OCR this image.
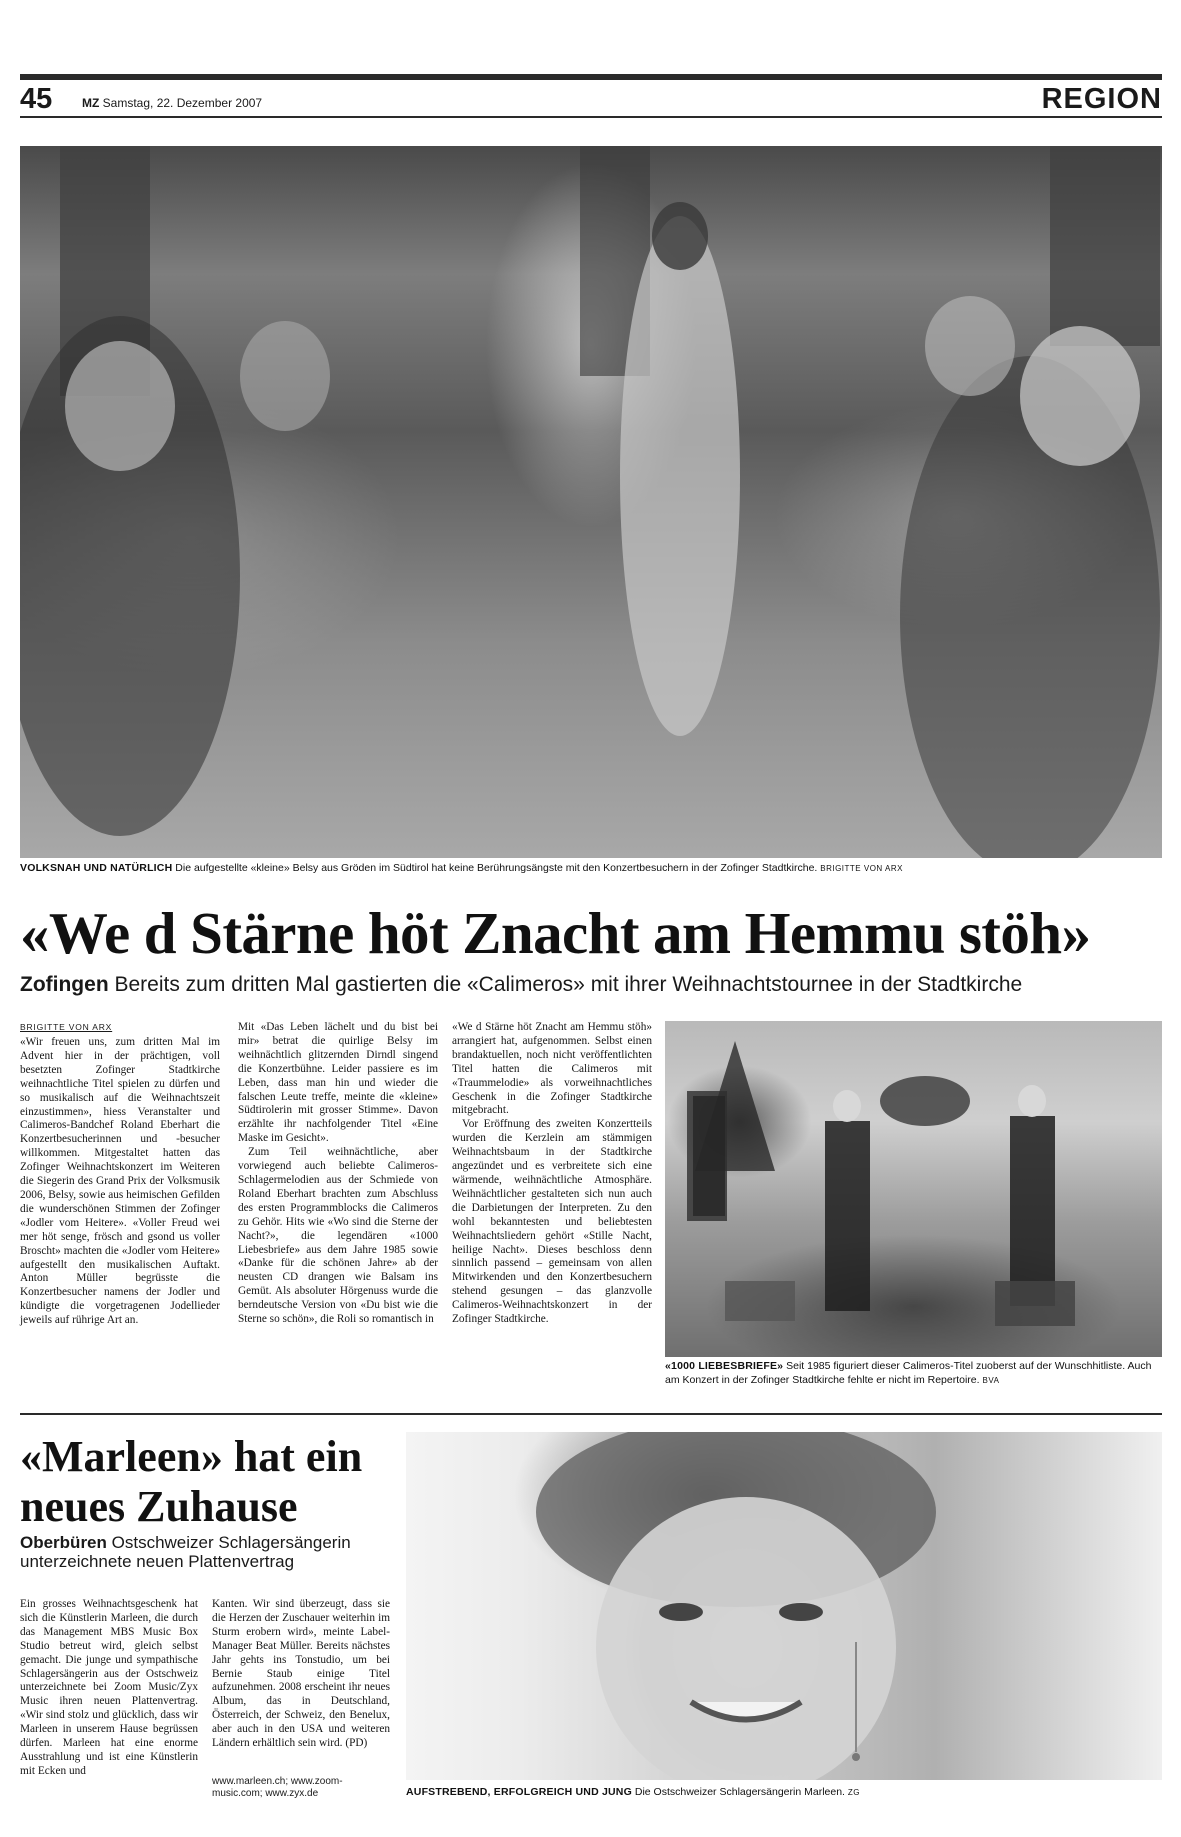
45 MZ Samstag, 22. Dezember 2007	REGION
VOLKSNAH UND NATÜRLICH Die aufgestellte «kleine» Belsy aus Gröden im Südtirol hat keine Berührungsängste mit den Konzertbesuchern in der Zofinger Stadtkirche. BRIGITTE VON ARX
«We d Stärne höt Znacht am Hemmu stöh»
Zofingen Bereits zum dritten Mal gastierten die «Calimeros» mit ihrer Weihnachtstournee in der Stadtkirche
BRIGITTE VON ARX

«Wir freuen uns, zum dritten Mal im Advent hier in der prächtigen, voll besetzten Zofinger Stadtkirche weihnachtliche Titel spielen zu dürfen und so musikalisch auf die Weihnachtszeit einzustimmen», hiess Veranstalter und Calimeros-Bandchef Roland Eberhart die Konzertbesucherinnen und -besucher willkommen. Mitgestaltet hatten das Zofinger Weihnachtskonzert im Weiteren die Siegerin des Grand Prix der Volksmusik 2006, Belsy, sowie aus heimischen Gefilden die wunderschönen Stimmen der Zofinger «Jodler vom Heitere». «Voller Freud wei mer höt senge, frösch and gsond us voller Broscht» machten die «Jodler vom Heitere» aufgestellt den musikalischen Auftakt. Anton Müller begrüsste die Konzertbesucher namens der Jodler und kündigte die vorgetragenen Jodellieder jeweils auf rührige Art an.

Mit «Das Leben lächelt und du bist bei mir» betrat die quirlige Belsy im weihnächtlich glitzernden Dirndl singend die Konzertbühne. Leider passiere es im Leben, dass man hin und wieder die falschen Leute treffe, meinte die «kleine» Südtirolerin mit grosser Stimme». Davon erzählte ihr nachfolgender Titel «Eine Maske im Gesicht».

Zum Teil weihnächtliche, aber vorwiegend auch beliebte Calimeros-Schlagermelodien aus der Schmiede von Roland Eberhart brachten zum Abschluss des ersten Programmblocks die Calimeros zu Gehör. Hits wie «Wo sind die Sterne der Nacht?», die legendären «1000 Liebesbriefe» aus dem Jahre 1985 sowie «Danke für die schönen Jahre» ab der neusten CD drangen wie Balsam ins Gemüt. Als absoluter Hörgenuss wurde die berndeutsche Version von «Du bist wie die Sterne so schön», die Roli so romantisch in

«We d Stärne höt Znacht am Hemmu stöh» arrangiert hat, aufgenommen. Selbst einen brandaktuellen, noch nicht veröffentlichten Titel hatten die Calimeros mit «Traummelodie» als vorweihnachtliches Geschenk in die Zofinger Stadtkirche mitgebracht.

Vor Eröffnung des zweiten Konzertteils wurden die Kerzlein am stämmigen Weihnachtsbaum in der Stadtkirche angezündet und es verbreitete sich eine wärmende, weihnächtliche Atmosphäre. Weihnächtlicher gestalteten sich nun auch die Darbietungen der Interpreten. Zu den wohl bekanntesten und beliebtesten Weihnachtsliedern gehört «Stille Nacht, heilige Nacht». Dieses beschloss denn sinnlich passend – gemeinsam von allen Mitwirkenden und den Konzertbesuchern stehend gesungen – das glanzvolle Calimeros-Weihnachtskonzert in der Zofinger Stadtkirche.

«1000 LIEBESBRIEFE» Seit 1985 figuriert dieser Calimeros-Titel zuoberst auf der Wunschhitliste. Auch am Konzert in der Zofinger Stadtkirche fehlte er nicht im Repertoire. BVA
«Marleen» hat ein neues Zuhause
Oberbüren Ostschweizer Schlagersängerin unterzeichnete neuen Plattenvertrag

Ein grosses Weihnachtsgeschenk hat sich die Künstlerin Marleen, die durch das Management MBS Music Box Studio betreut wird, gleich selbst gemacht. Die junge und sympathische Schlagersängerin aus der Ostschweiz unterzeichnete bei Zoom Music/Zyx Music ihren neuen Plattenvertrag. «Wir sind stolz und glücklich, dass wir Marleen in unserem Hause begrüssen dürfen. Marleen hat eine enorme Ausstrahlung und ist eine Künstlerin mit Ecken und

Kanten. Wir sind überzeugt, dass sie die Herzen der Zuschauer weiterhin im Sturm erobern wird», meinte Label-Manager Beat Müller. Bereits nächstes Jahr gehts ins Tonstudio, um bei Bernie Staub einige Titel aufzunehmen. 2008 erscheint ihr neues Album, das in Deutschland, Österreich, der Schweiz, den Benelux, aber auch in den USA und weiteren Ländern erhältlich sein wird. (PD)

www.marleen.ch; www.zoom-music.com; www.zyx.de	AUFSTREBEND, ERFOLGREICH UND JUNG Die Ostschweizer Schlagersängerin Marleen. ZG
